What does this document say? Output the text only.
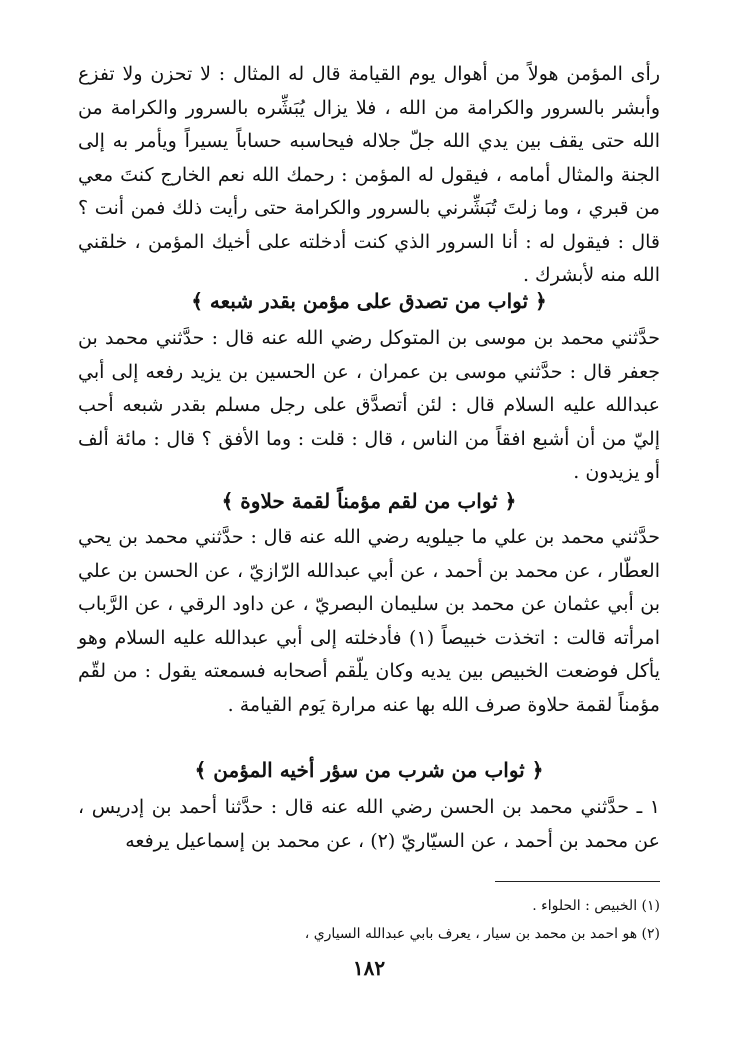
رأى المؤمن هولاً من أهوال يوم القيامة قال له المثال : لا تحزن ولا تفزع وأبشر بالسرور والكرامة من الله ، فلا يزال يُبَشِّره بالسرور والكرامة من الله حتى يقف بين يدي الله جلّ جلاله فيحاسبه حساباً يسيراً ويأمر به إلى الجنة والمثال أمامه ، فيقول له المؤمن : رحمك الله نعم الخارج كنتَ معي من قبري ، وما زلتَ تُبَشِّرني بالسرور والكرامة حتى رأيت ذلك فمن أنت ؟ قال : فيقول له : أنا السرور الذي كنت أدخلته على أخيك المؤمن ، خلقني الله منه لأبشرك .

﴿ ثواب من تصدق على مؤمن بقدر شبعه ﴾

حدَّثني محمد بن موسى بن المتوكل رضي الله عنه قال : حدَّثني محمد بن جعفر قال : حدَّثني موسى بن عمران ، عن الحسين بن يزيد رفعه إلى أبي عبدالله عليه السلام قال : لئن أتصدَّق على رجل مسلم بقدر شبعه أحب إليّ من أن أشبع افقاً من الناس ، قال : قلت : وما الأفق ؟ قال : مائة ألف أو يزيدون .

﴿ ثواب من لقم مؤمناً لقمة حلاوة ﴾

حدَّثني محمد بن علي ما جيلويه رضي الله عنه قال : حدَّثني محمد بن يحي العطّار ، عن محمد بن أحمد ، عن أبي عبدالله الرّازيّ ، عن الحسن بن علي بن أبي عثمان عن محمد بن سليمان البصريّ ، عن داود الرقي ، عن الرَّباب امرأته قالت : اتخذت خبيصاً (١) فأدخلته إلى أبي عبدالله عليه السلام وهو يأكل فوضعت الخبيص بين يديه وكان يلّقم أصحابه فسمعته يقول : من لقّم مؤمناً لقمة حلاوة صرف الله بها عنه مرارة يَوم القيامة .

﴿ ثواب من شرب من سؤر أخيه المؤمن ﴾

١ ـ حدَّثني محمد بن الحسن رضي الله عنه قال : حدَّثنا أحمد بن إدريس ، عن محمد بن أحمد ، عن السيّاريّ (٢) ، عن محمد بن إسماعيل يرفعه

(١) الخبيص : الحلواء .
(٢) هو احمد بن محمد بن سيار ، يعرف بابي عبدالله السياري ،
١٨٢
